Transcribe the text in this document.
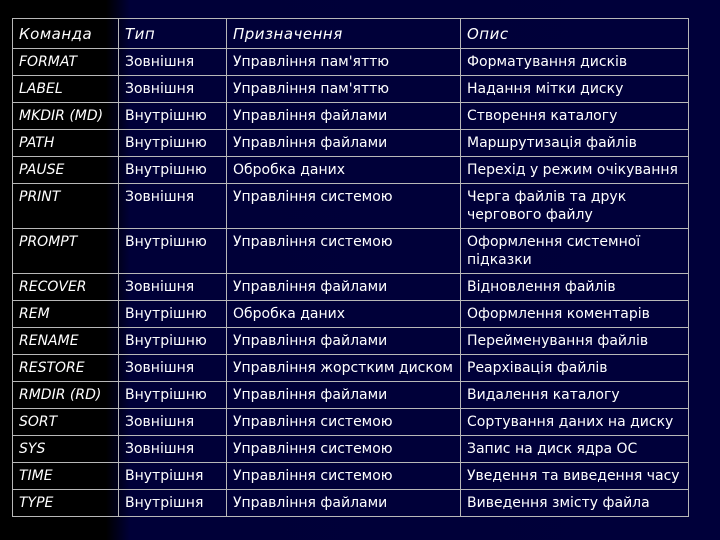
Команда	Тип	Призначення	Опис
FORMAT	Зовнішня	Управління пам'яттю	Форматування дисків
LABEL	Зовнішня	Управління пам'яттю	Надання мітки диску
MKDIR (MD)	Внутрішню	Управління файлами	Створення каталогу
PATH	Внутрішню	Управління файлами	Маршрутизація файлів
PAUSE	Внутрішню	Обробка даних	Перехід у режим очікування
PRINT	Зовнішня	Управління системою	Черга файлів та друк чергового файлу
PROMPT	Внутрішню	Управління системою	Оформлення системної підказки
RECOVER	Зовнішня	Управління файлами	Відновлення файлів
REM	Внутрішню	Обробка даних	Оформлення коментарів
RENAME	Внутрішню	Управління файлами	Перейменування файлів
RESTORE	Зовнішня	Управління жорстким диском	Реархівація файлів
RMDIR (RD)	Внутрішню	Управління файлами	Видалення каталогу
SORT	Зовнішня	Управління системою	Сортування даних на диску
SYS	Зовнішня	Управління системою	Запис на диск ядра ОС
TIME	Внутрішня	Управління системою	Уведення та виведення часу
TYPE	Внутрішня	Управління файлами	Виведення змісту файла
